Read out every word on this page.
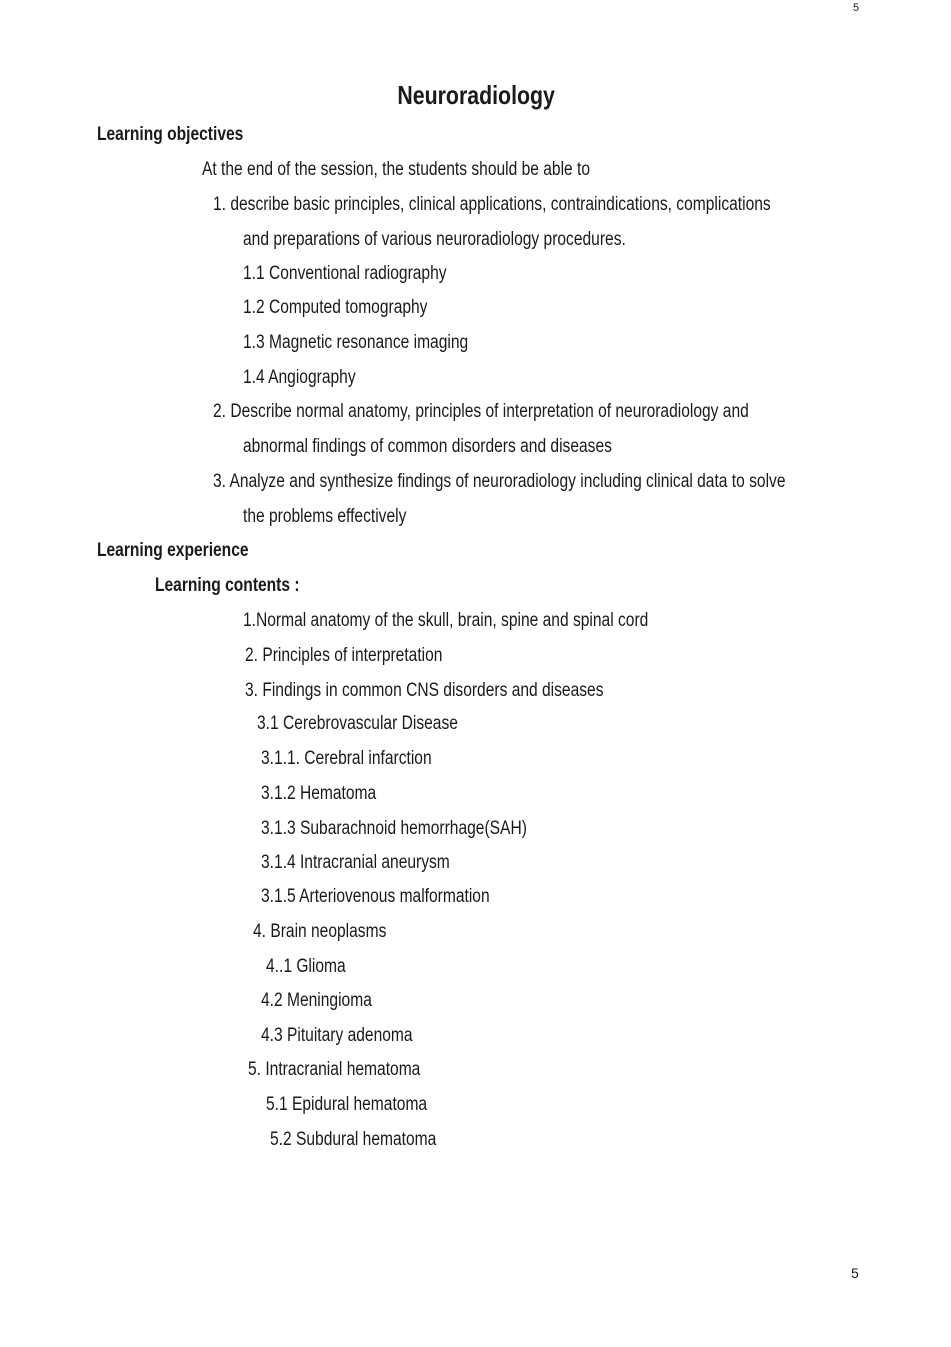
5
Neuroradiology
Learning objectives
At the end of the session, the students should be able to
1. describe basic principles, clinical applications, contraindications, complications
and preparations of various neuroradiology procedures.
1.1 Conventional radiography
1.2 Computed tomography
1.3 Magnetic resonance imaging
1.4 Angiography
2. Describe normal anatomy, principles of interpretation of neuroradiology and
abnormal findings of common disorders and diseases
3. Analyze and synthesize findings of neuroradiology including clinical data to solve
the problems effectively
Learning experience
Learning contents :
1.Normal anatomy of the skull, brain, spine and spinal cord
2. Principles of interpretation
3. Findings in common CNS disorders and diseases
3.1 Cerebrovascular Disease
3.1.1. Cerebral infarction
3.1.2 Hematoma
3.1.3 Subarachnoid hemorrhage(SAH)
3.1.4 Intracranial aneurysm
3.1.5 Arteriovenous malformation
4. Brain neoplasms
4..1 Glioma
4.2 Meningioma
4.3 Pituitary adenoma
5. Intracranial hematoma
5.1 Epidural hematoma
5.2 Subdural hematoma
5
